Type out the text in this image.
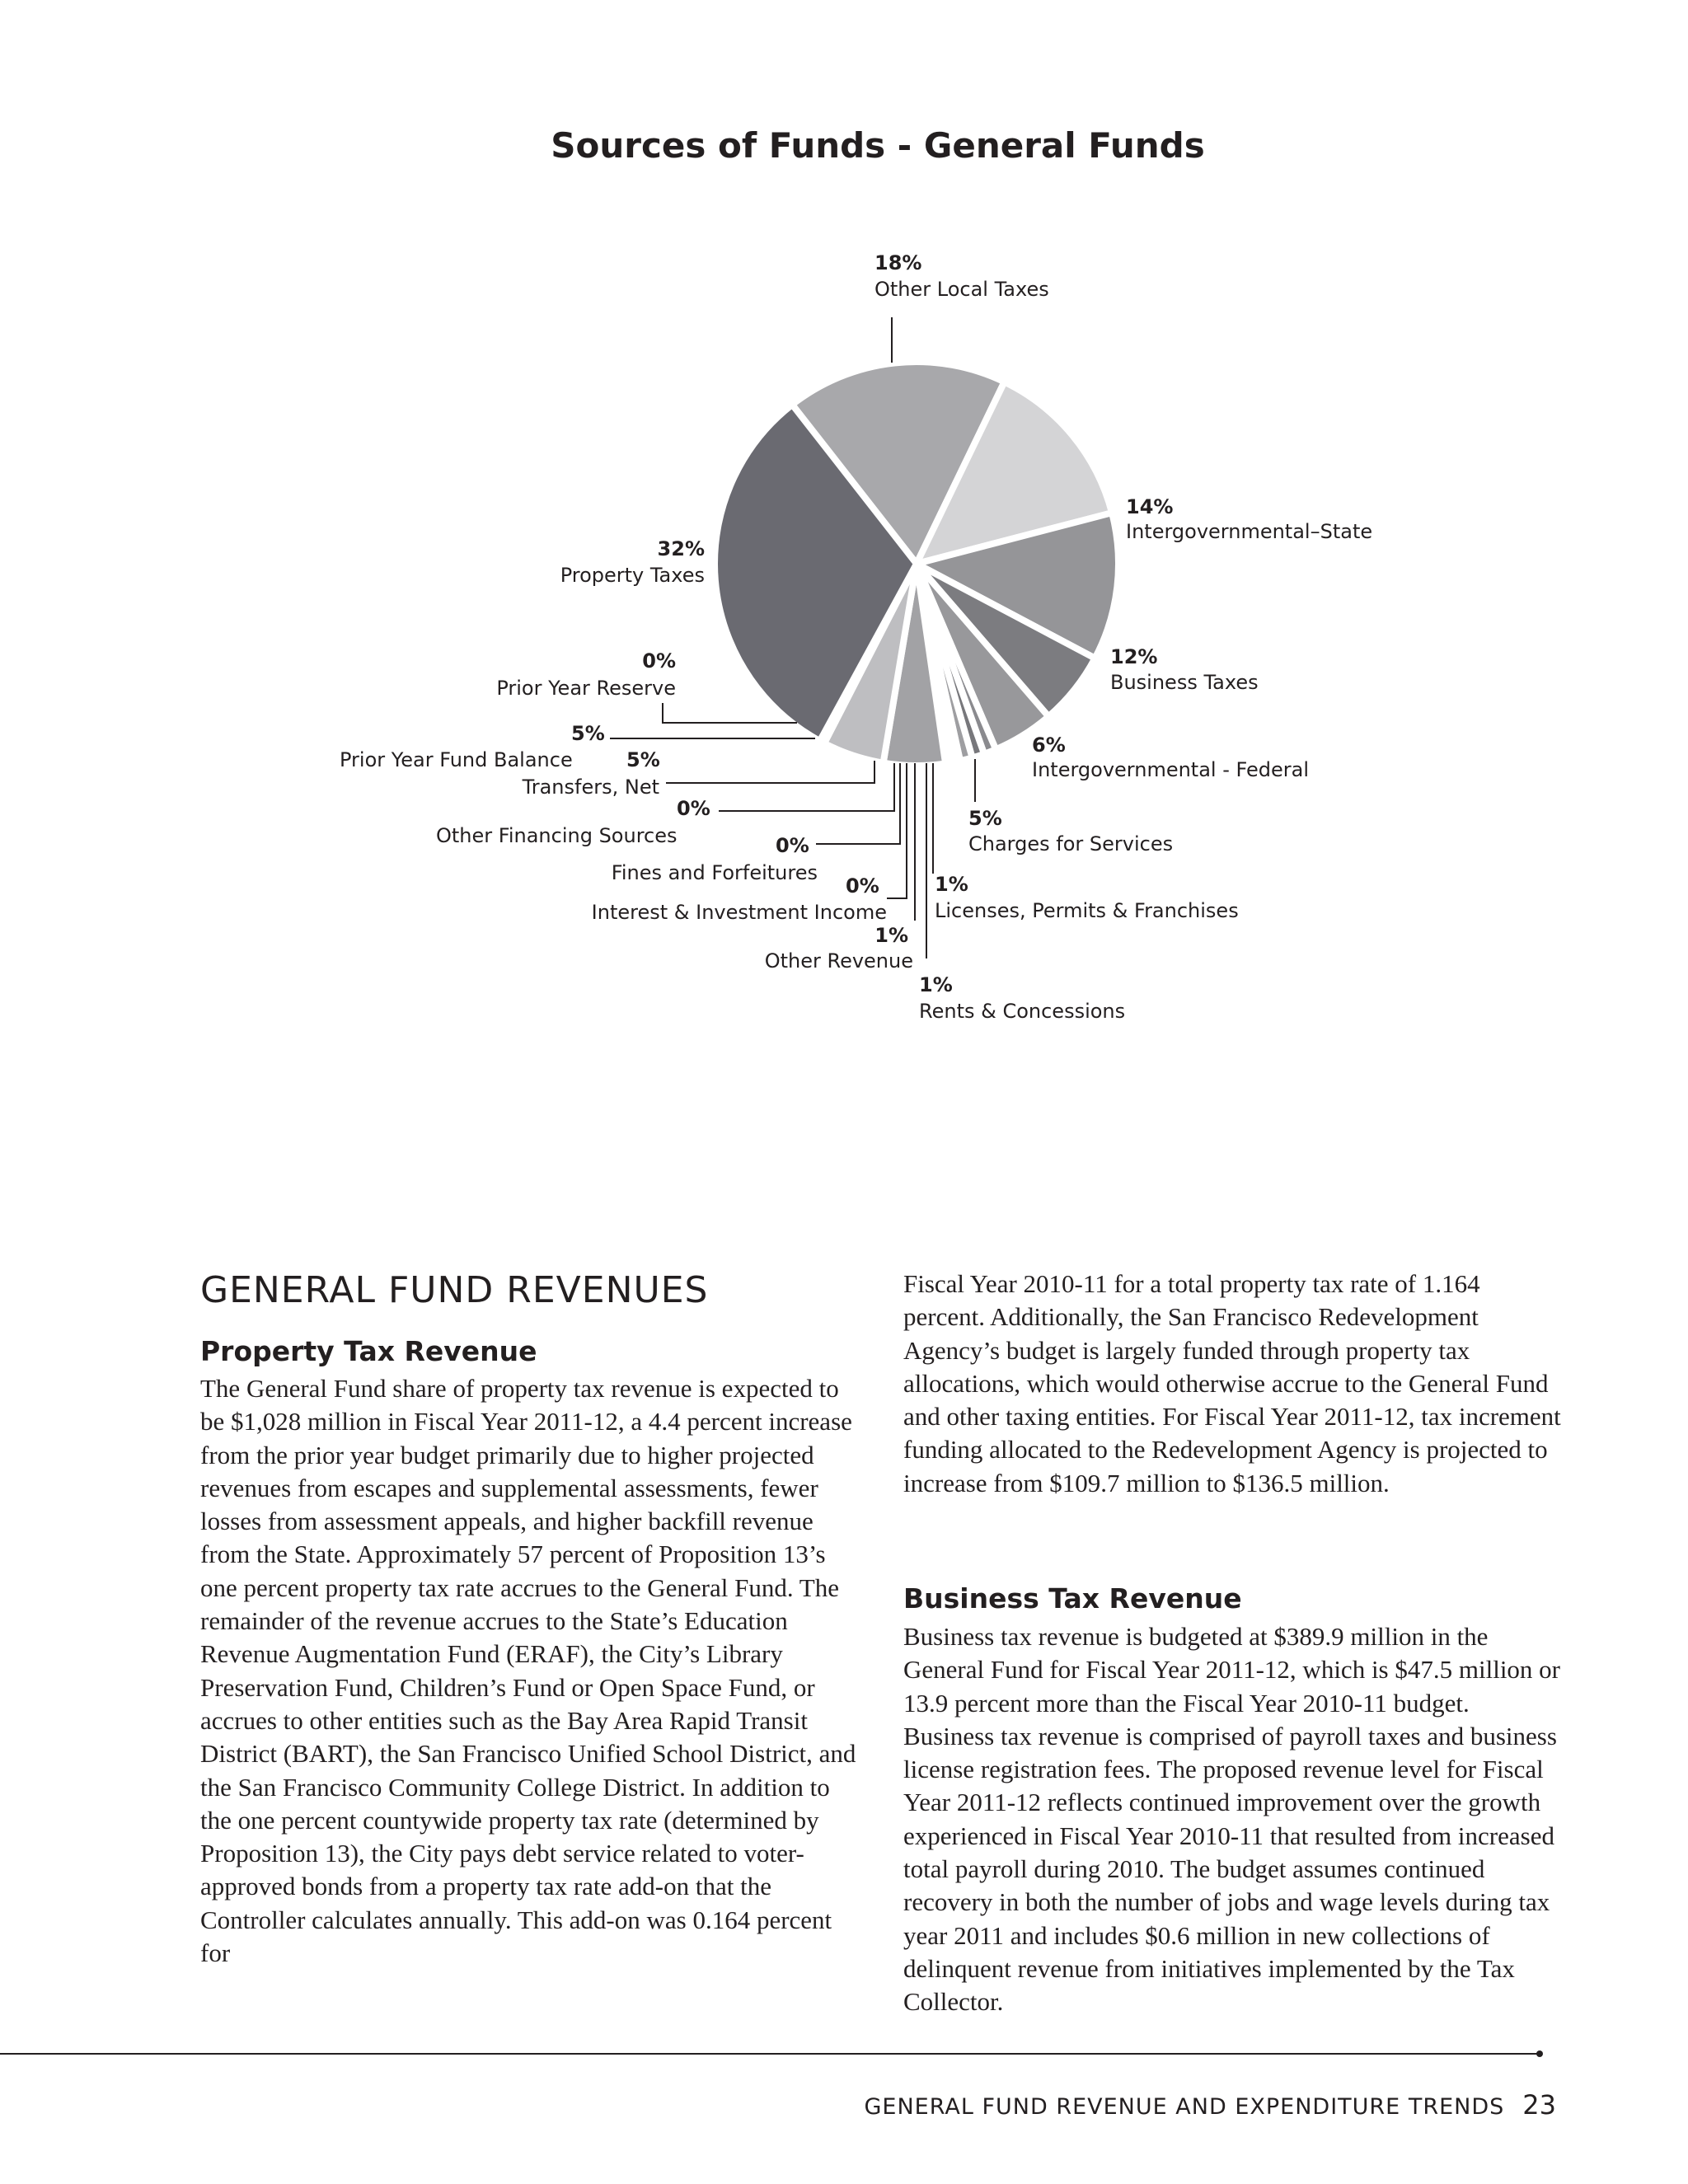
Sources of Funds - General Funds
18%
Other Local Taxes
14%
Intergovernmental–State
12%
Business Taxes
6%
Intergovernmental - Federal
5%
Charges for Services
1%
Licenses, Permits & Franchises
1%
Rents & Concessions
1%
Other Revenue
0%
Interest & Investment Income
0%
Fines and Forfeitures
0%
Other Financing Sources
5%
Transfers, Net
5%
Prior Year Fund Balance
0%
Prior Year Reserve
32%
Property Taxes
GENERAL FUND REVENUES
Property Tax Revenue

The General Fund share of property tax revenue is expected to be $1,028 million in Fiscal Year 2011-12, a 4.4 percent increase from the prior year budget primarily due to higher projected revenues from escapes and supplemental assessments, fewer losses from assessment appeals, and higher backfill revenue from the State. Approximately 57 percent of Proposition 13’s one percent property tax rate accrues to the General Fund. The remainder of the revenue accrues to the State’s Education Revenue Augmentation Fund (ERAF), the City’s Library Preservation Fund, Children’s Fund or Open Space Fund, or accrues to other entities such as the Bay Area Rapid Transit District (BART), the San Francisco Unified School District, and the San Francisco Community College District. In addition to the one percent countywide property tax rate (determined by Proposition 13), the City pays debt service related to voter-approved bonds from a property tax rate add-on that the Controller calculates annually. This add-on was 0.164 percent for

Fiscal Year 2010-11 for a total property tax rate of 1.164 percent. Additionally, the San Francisco Redevelopment Agency’s budget is largely funded through property tax allocations, which would otherwise accrue to the General Fund and other taxing entities. For Fiscal Year 2011-12, tax increment funding allocated to the Redevelopment Agency is projected to increase from $109.7 million to $136.5 million.

Business Tax Revenue

Business tax revenue is budgeted at $389.9 million in the General Fund for Fiscal Year 2011-12, which is $47.5 million or 13.9 percent more than the Fiscal Year 2010-11 budget. Business tax revenue is comprised of payroll taxes and business license registration fees. The proposed revenue level for Fiscal Year 2011-12 reflects continued improvement over the growth experienced in Fiscal Year 2010-11 that resulted from increased total payroll during 2010. The budget assumes continued recovery in both the number of jobs and wage levels during tax year 2011 and includes $0.6 million in new collections of delinquent revenue from initiatives implemented by the Tax Collector.

GENERAL FUND REVENUE AND EXPENDITURE TRENDS 23
